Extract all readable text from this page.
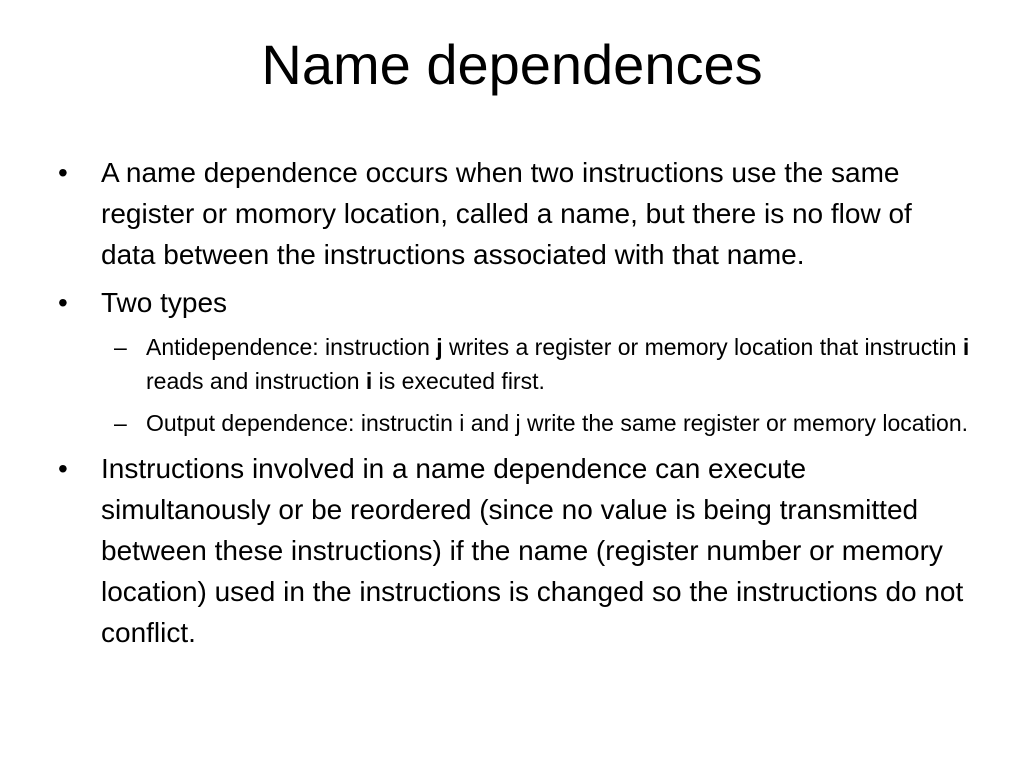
Name dependences
•	A name dependence occurs when two instructions use the same register or momory location, called a name, but there is no flow of data between the instructions associated with that name.
•	Two types
– Antidependence: instruction j writes a register or memory location that instructin i reads and instruction i is executed first.
– Output dependence: instructin i and j write the same register or memory location.
•	Instructions involved in a name dependence can execute simultanously or be reordered (since no value is being transmitted between these instructions) if the name (register number or memory location) used in the instructions is changed so the instructions do not conflict.
